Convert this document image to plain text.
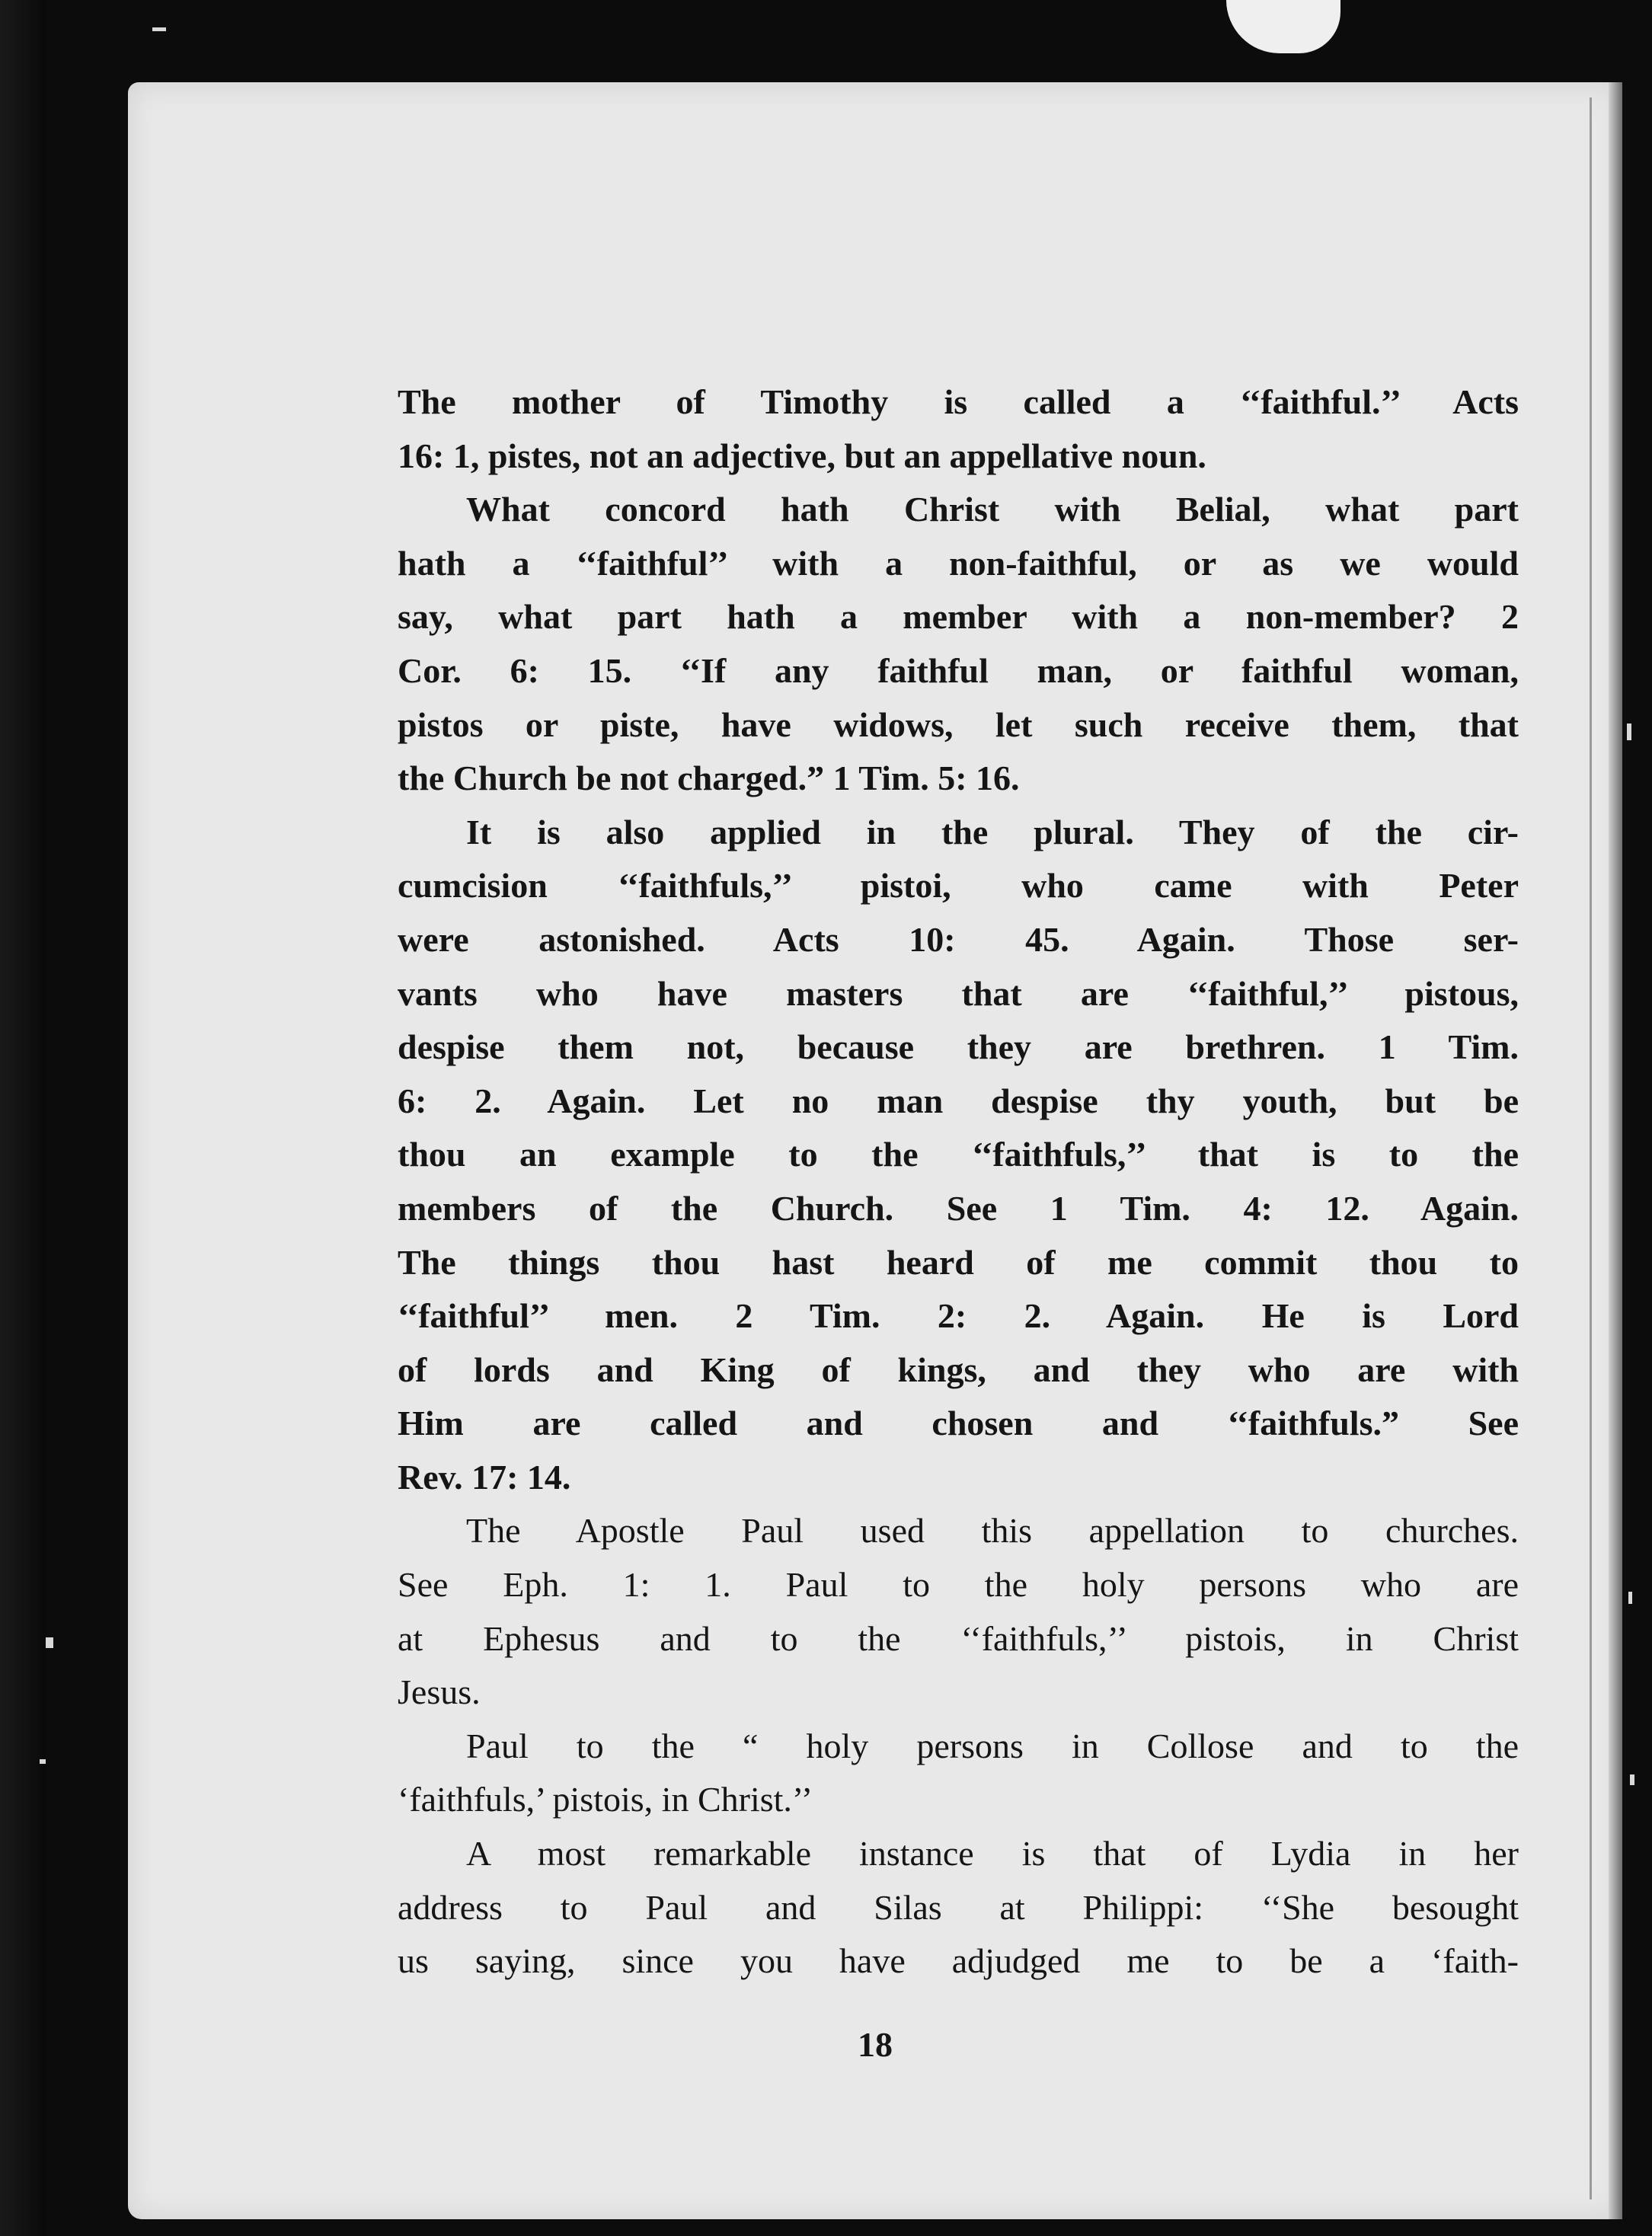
The mother of Timothy is called a ‘‘faithful.’’ Acts
16: 1, pistes, not an adjective, but an appellative noun.
What concord hath Christ with Belial, what part
hath a ‘‘faithful’’ with a non-faithful, or as we would
say, what part hath a member with a non-member? 2
Cor. 6: 15. ‘‘If any faithful man, or faithful woman,
pistos or piste, have widows, let such receive them, that
the Church be not charged.” 1 Tim. 5: 16.
It is also applied in the plural. They of the cir-
cumcision ‘‘faithfuls,’’ pistoi, who came with Peter
were astonished. Acts 10: 45. Again. Those ser-
vants who have masters that are ‘‘faithful,’’ pistous,
despise them not, because they are brethren. 1 Tim.
6: 2. Again. Let no man despise thy youth, but be
thou an example to the ‘‘faithfuls,’’ that is to the
members of the Church. See 1 Tim. 4: 12. Again.
The things thou hast heard of me commit thou to
‘‘faithful’’ men. 2 Tim. 2: 2. Again. He is Lord
of lords and King of kings, and they who are with
Him are called and chosen and ‘‘faithfuls.” See
Rev. 17: 14.
The Apostle Paul used this appellation to churches.
See Eph. 1: 1. Paul to the holy persons who are
at Ephesus and to the ‘‘faithfuls,’’ pistois, in Christ
Jesus.
Paul to the “ holy persons in Collose and to the
‘faithfuls,’ pistois, in Christ.’’
A most remarkable instance is that of Lydia in her
address to Paul and Silas at Philippi: ‘‘She besought
us saying, since you have adjudged me to be a ‘faith-
18
